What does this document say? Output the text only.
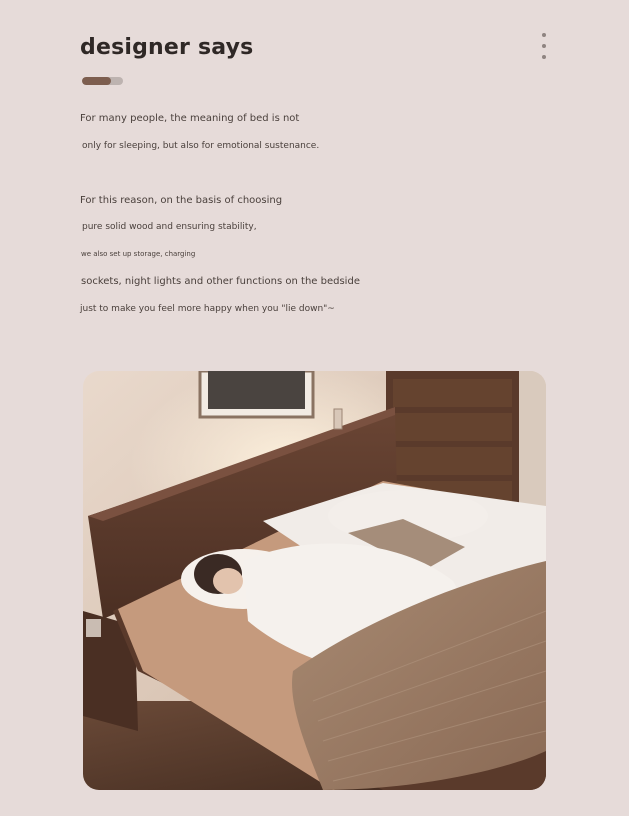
designer says

For many people, the meaning of bed is not

only for sleeping, but also for emotional sustenance.

For this reason, on the basis of choosing

pure solid wood and ensuring stability,

we also set up storage, charging

sockets, night lights and other functions on the bedside

just to make you feel more happy when you "lie down"~
